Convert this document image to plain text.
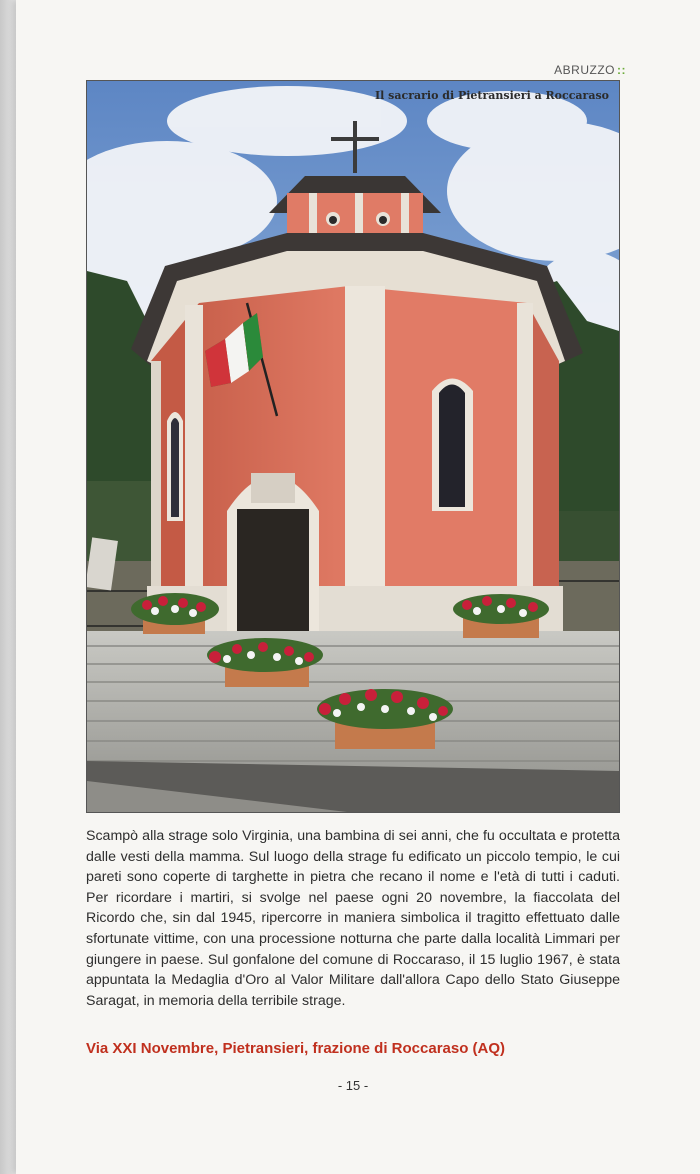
ABRUZZO ::
Il sacrario di Pietransieri a Roccaraso

Scampò alla strage solo Virginia, una bambina di sei anni, che fu occultata e protetta dalle vesti della mamma. Sul luogo della strage fu edificato un piccolo tempio, le cui pareti sono coperte di targhette in pietra che recano il nome e l'età di tutti i caduti. Per ricordare i martiri, si svolge nel paese ogni 20 novembre, la fiaccolata del Ricordo che, sin dal 1945, ripercorre in maniera simbolica il tragitto effettuato dalle sfortunate vittime, con una processione notturna che parte dalla località Limmari per giungere in paese. Sul gonfalone del comune di Roccaraso, il 15 luglio 1967, è stata appuntata la Medaglia d'Oro al Valor Militare dall'allora Capo dello Stato Giuseppe Saragat, in memoria della terribile strage.

Via XXI Novembre, Pietransieri, frazione di Roccaraso (AQ)

- 15 -
